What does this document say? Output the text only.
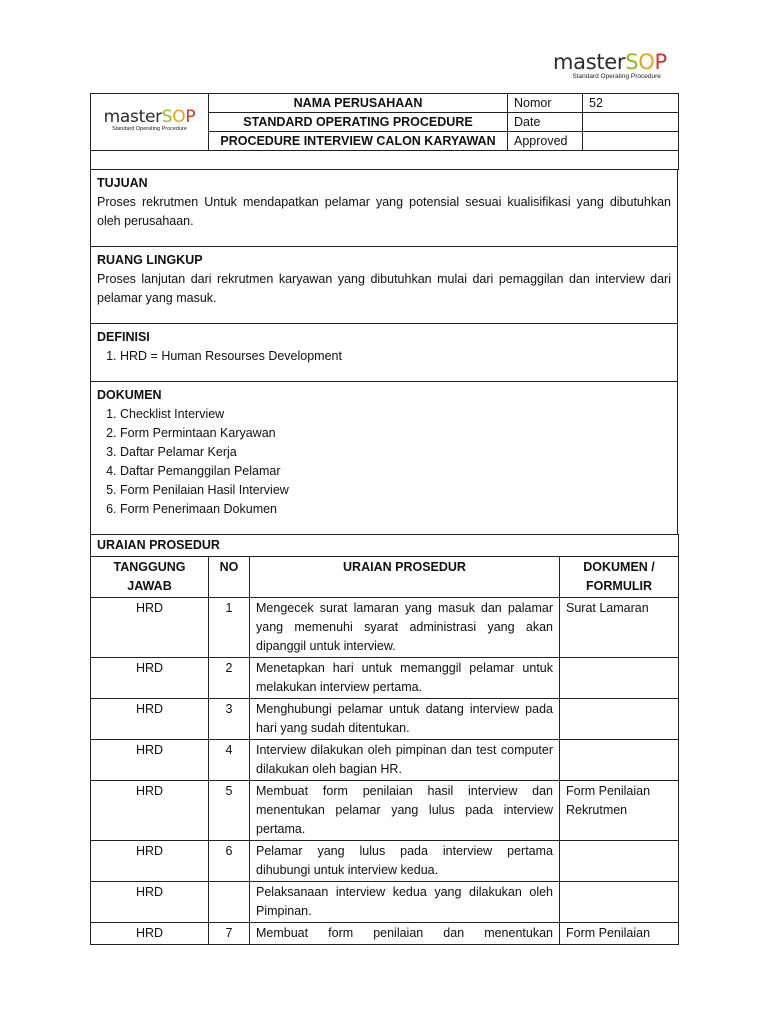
masterSOP
Standard Operating Procedure
masterSOP
Standard Operating Procedure	NAMA PERUSAHAAN	Nomor	52
	STANDARD OPERATING PROCEDURE	Date	
	PROCEDURE INTERVIEW CALON KARYAWAN	Approved	

TUJUAN

Proses rekrutmen Untuk mendapatkan pelamar yang potensial sesuai kualisifikasi yang dibutuhkan oleh perusahaan.

RUANG LINGKUP

Proses lanjutan dari rekrutmen karyawan yang dibutuhkan mulai dari pemaggilan dan interview dari pelamar yang masuk.

DEFINISI
1. HRD = Human Resourses Development

DOKUMEN
1. Checklist Interview
2. Form Permintaan Karyawan
3. Daftar Pelamar Kerja
4. Daftar Pemanggilan Pelamar
5. Form Penilaian Hasil Interview
6. Form Penerimaan Dokumen
URAIAN PROSEDUR			
TANGGUNG JAWAB	NO	URAIAN PROSEDUR	DOKUMEN / FORMULIR
HRD	1	Mengecek surat lamaran yang masuk dan palamar yang memenuhi syarat administrasi yang akan dipanggil untuk interview.	Surat Lamaran
HRD	2	Menetapkan hari untuk memanggil pelamar untuk melakukan interview pertama.	
HRD	3	Menghubungi pelamar untuk datang interview pada hari yang sudah ditentukan.	
HRD	4	Interview dilakukan oleh pimpinan dan test computer dilakukan oleh bagian HR.	
HRD	5	Membuat form penilaian hasil interview dan menentukan pelamar yang lulus pada interview pertama.	Form Penilaian Rekrutmen
HRD	6	Pelamar yang lulus pada interview pertama dihubungi untuk interview kedua.	
HRD		Pelaksanaan interview kedua yang dilakukan oleh Pimpinan.	
HRD	7	Membuat form penilaian dan menentukan	Form Penilaian
